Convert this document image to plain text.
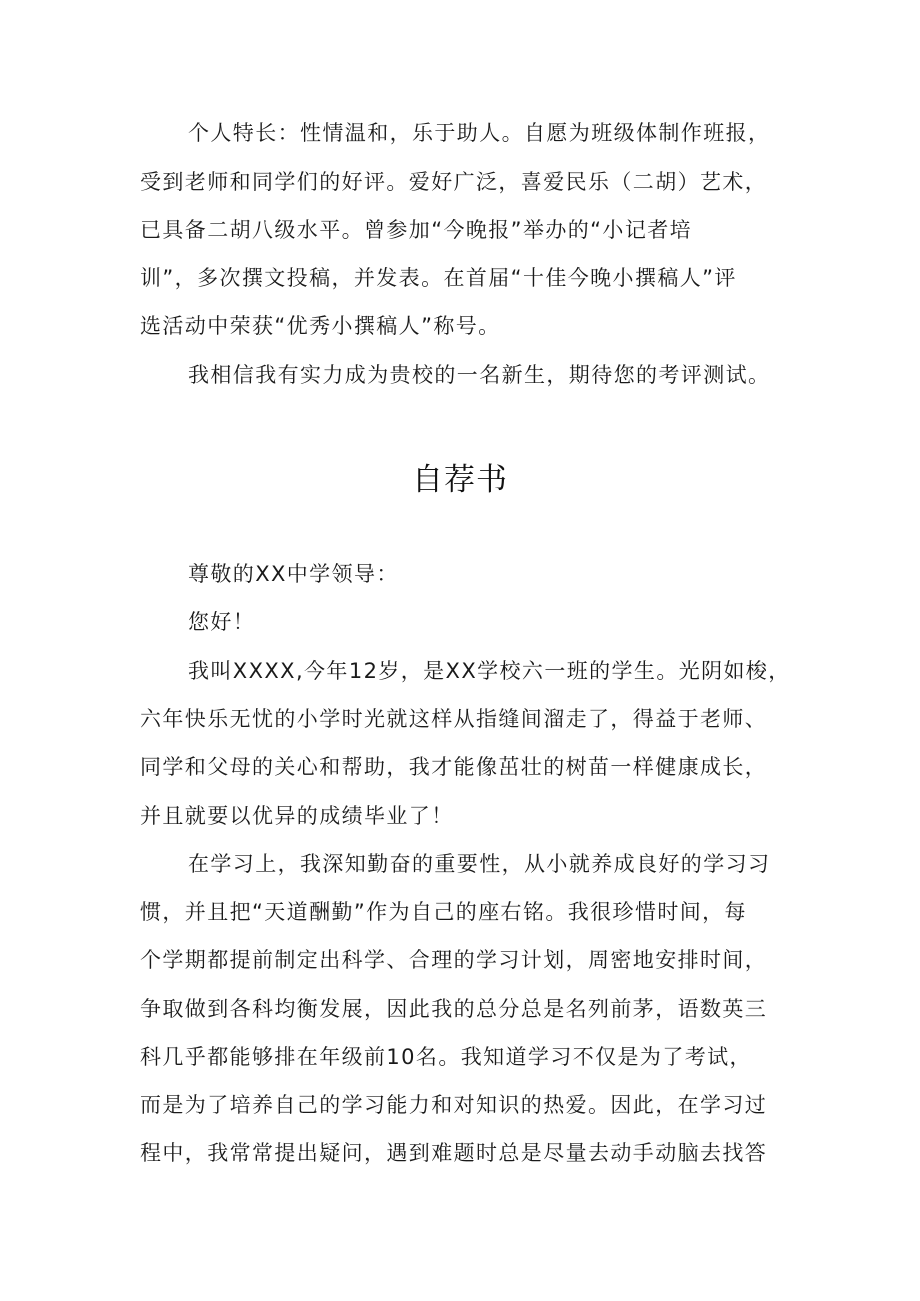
个人特长：性情温和，乐于助人。自愿为班级体制作班报，
受到老师和同学们的好评。爱好广泛，喜爱民乐（二胡）艺术，
已具备二胡八级水平。曾参加“今晚报”举办的“小记者培
训”，多次撰文投稿，并发表。在首届“十佳今晚小撰稿人”评
选活动中荣获“优秀小撰稿人”称号。
我相信我有实力成为贵校的一名新生，期待您的考评测试。
自荐书
尊敬的XX中学领导：
您好！
我叫XXXX,今年12岁，是XX学校六一班的学生。光阴如梭，
六年快乐无忧的小学时光就这样从指缝间溜走了，得益于老师、
同学和父母的关心和帮助，我才能像茁壮的树苗一样健康成长，
并且就要以优异的成绩毕业了！
在学习上，我深知勤奋的重要性，从小就养成良好的学习习
惯，并且把“天道酬勤”作为自己的座右铭。我很珍惜时间，每
个学期都提前制定出科学、合理的学习计划，周密地安排时间，
争取做到各科均衡发展，因此我的总分总是名列前茅，语数英三
科几乎都能够排在年级前10名。我知道学习不仅是为了考试，
而是为了培养自己的学习能力和对知识的热爱。因此，在学习过
程中，我常常提出疑问，遇到难题时总是尽量去动手动脑去找答
